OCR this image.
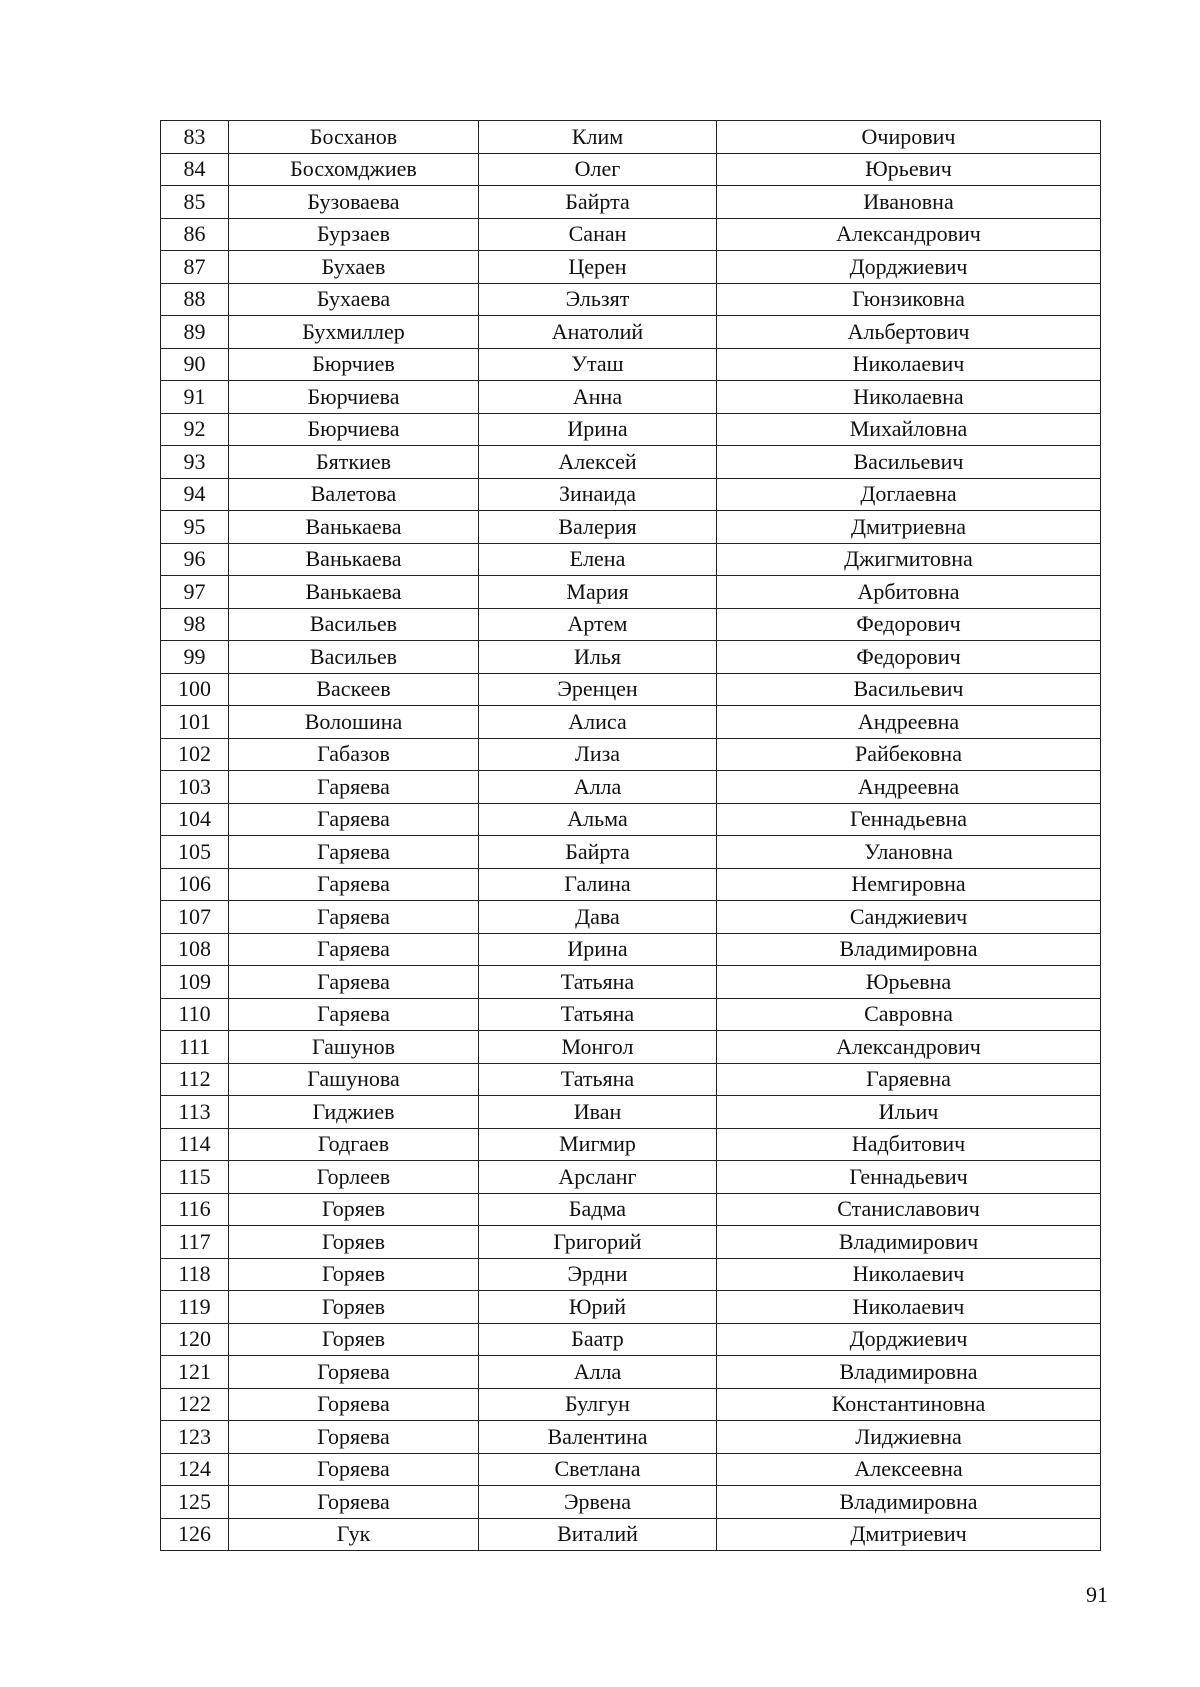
83	Босханов	Клим	Очирович
84	Босхомджиев	Олег	Юрьевич
85	Бузоваева	Байрта	Ивановна
86	Бурзаев	Санан	Александрович
87	Бухаев	Церен	Дорджиевич
88	Бухаева	Эльзят	Гюнзиковна
89	Бухмиллер	Анатолий	Альбертович
90	Бюрчиев	Уташ	Николаевич
91	Бюрчиева	Анна	Николаевна
92	Бюрчиева	Ирина	Михайловна
93	Бяткиев	Алексей	Васильевич
94	Валетова	Зинаида	Доглаевна
95	Ванькаева	Валерия	Дмитриевна
96	Ванькаева	Елена	Джигмитовна
97	Ванькаева	Мария	Арбитовна
98	Васильев	Артем	Федорович
99	Васильев	Илья	Федорович
100	Васкеев	Эренцен	Васильевич
101	Волошина	Алиса	Андреевна
102	Габазов	Лиза	Райбековна
103	Гаряева	Алла	Андреевна
104	Гаряева	Альма	Геннадьевна
105	Гаряева	Байрта	Улановна
106	Гаряева	Галина	Немгировна
107	Гаряева	Дава	Санджиевич
108	Гаряева	Ирина	Владимировна
109	Гаряева	Татьяна	Юрьевна
110	Гаряева	Татьяна	Савровна
111	Гашунов	Монгол	Александрович
112	Гашунова	Татьяна	Гаряевна
113	Гиджиев	Иван	Ильич
114	Годгаев	Мигмир	Надбитович
115	Горлеев	Арсланг	Геннадьевич
116	Горяев	Бадма	Станиславович
117	Горяев	Григорий	Владимирович
118	Горяев	Эрдни	Николаевич
119	Горяев	Юрий	Николаевич
120	Горяев	Баатр	Дорджиевич
121	Горяева	Алла	Владимировна
122	Горяева	Булгун	Константиновна
123	Горяева	Валентина	Лиджиевна
124	Горяева	Светлана	Алексеевна
125	Горяева	Эрвена	Владимировна
126	Гук	Виталий	Дмитриевич
91
